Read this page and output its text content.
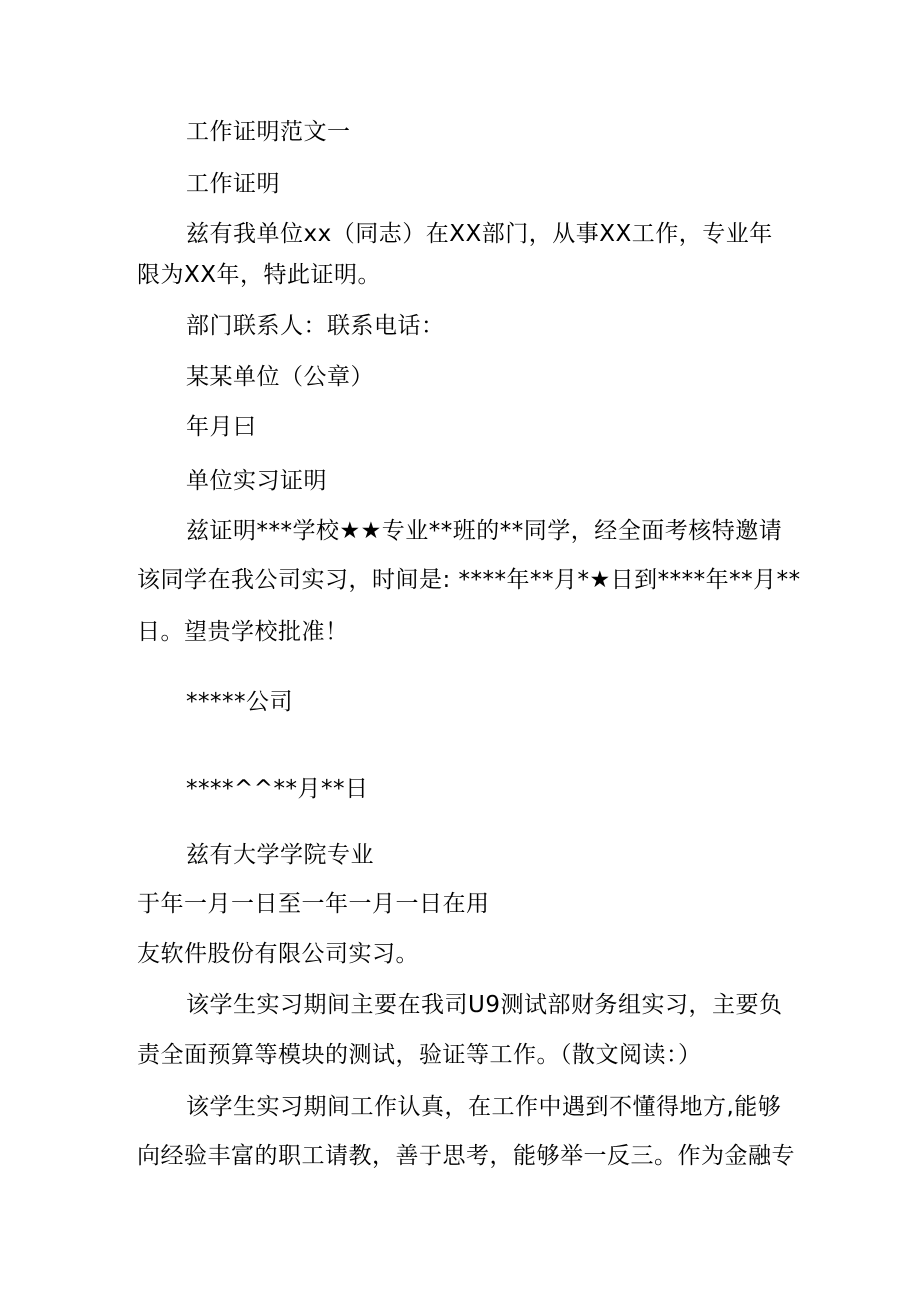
工作证明范文一
工作证明
兹有我单位xx（同志）在XX部门，从事XX工作，专业年
限为XX年，特此证明。
部门联系人：联系电话：
某某单位（公章）
年月曰
单位实习证明
兹证明***学校★★专业**班的**同学，经全面考核特邀请
该同学在我公司实习，时间是: ****年**月*★日到****年**月**
日。望贵学校批准！
*****公司
****^^**月**日
兹有大学学院专业
于年一月一日至一年一月一日在用
友软件股份有限公司实习。
该学生实习期间主要在我司U9测试部财务组实习，主要负
责全面预算等模块的测试，验证等工作。（散文阅读：）
该学生实习期间工作认真，在工作中遇到不懂得地方,能够
向经验丰富的职工请教，善于思考，能够举一反三。作为金融专
